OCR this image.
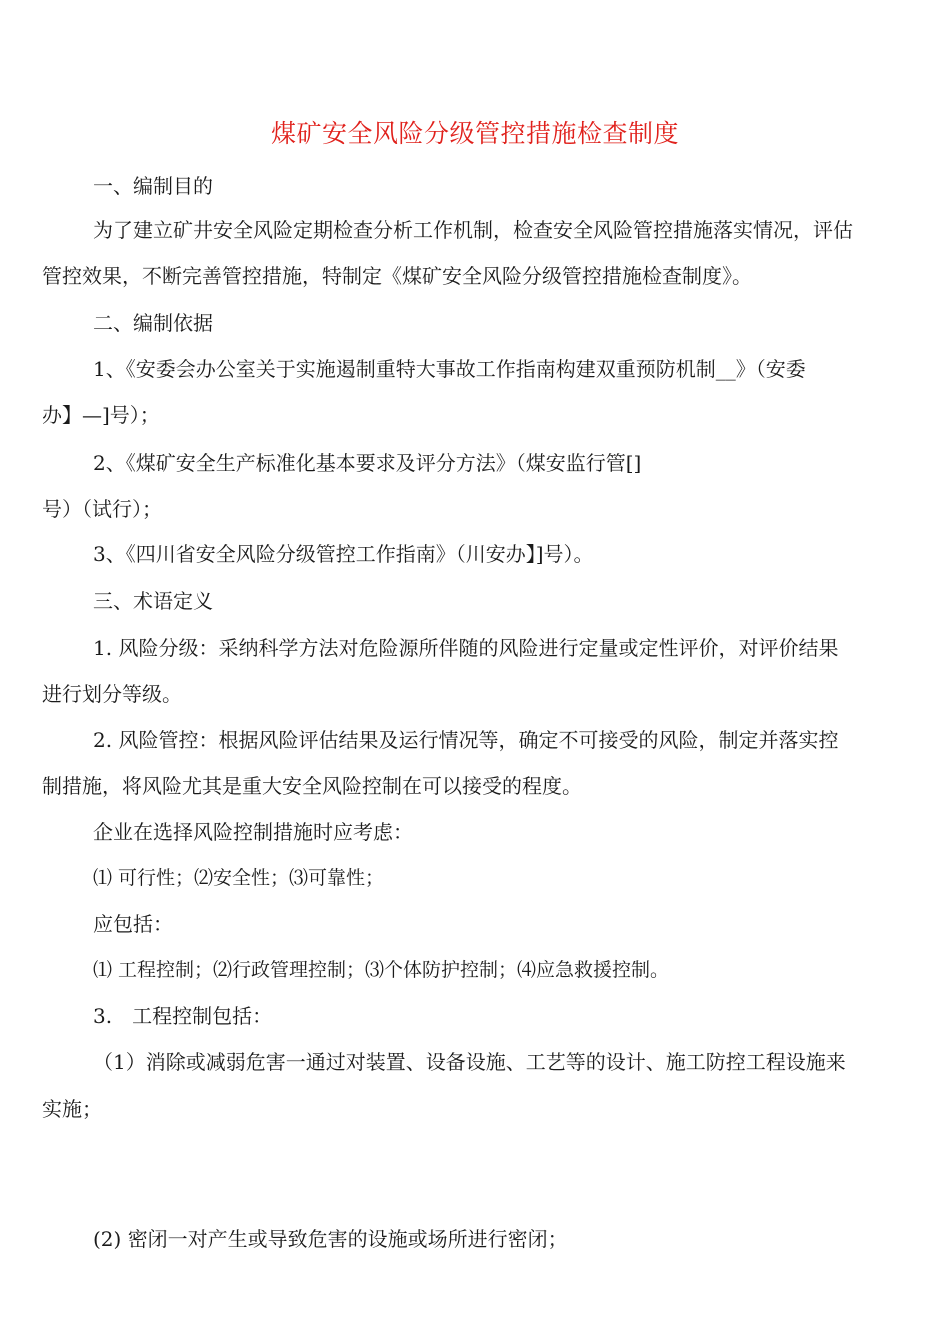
煤矿安全风险分级管控措施检查制度
一、编制目的
为了建立矿井安全风险定期检查分析工作机制，检查安全风险管控措施落实情况，评估
管控效果，不断完善管控措施，特制定《煤矿安全风险分级管控措施检查制度》。
二、编制依据
1、《安委会办公室关于实施遏制重特大事故工作指南构建双重预防机制__》（安委
办】—]号）；
2、《煤矿安全生产标准化基本要求及评分方法》（煤安监行管[]
号）（试行）；
3、《四川省安全风险分级管控工作指南》（川安办】]号）。
三、术语定义
1. 风险分级：采纳科学方法对危险源所伴随的风险进行定量或定性评价，对评价结果
进行划分等级。
2. 风险管控：根据风险评估结果及运行情况等，确定不可接受的风险，制定并落实控
制措施，将风险尤其是重大安全风险控制在可以接受的程度。
企业在选择风险控制措施时应考虑：
⑴ 可行性；⑵安全性；⑶可靠性；
应包括：
⑴ 工程控制；⑵行政管理控制；⑶个体防护控制；⑷应急救援控制。
3.　工程控制包括：
（1）消除或减弱危害一通过对装置、设备设施、工艺等的设计、施工防控工程设施来
实施；
(2) 密闭一对产生或导致危害的设施或场所进行密闭；
